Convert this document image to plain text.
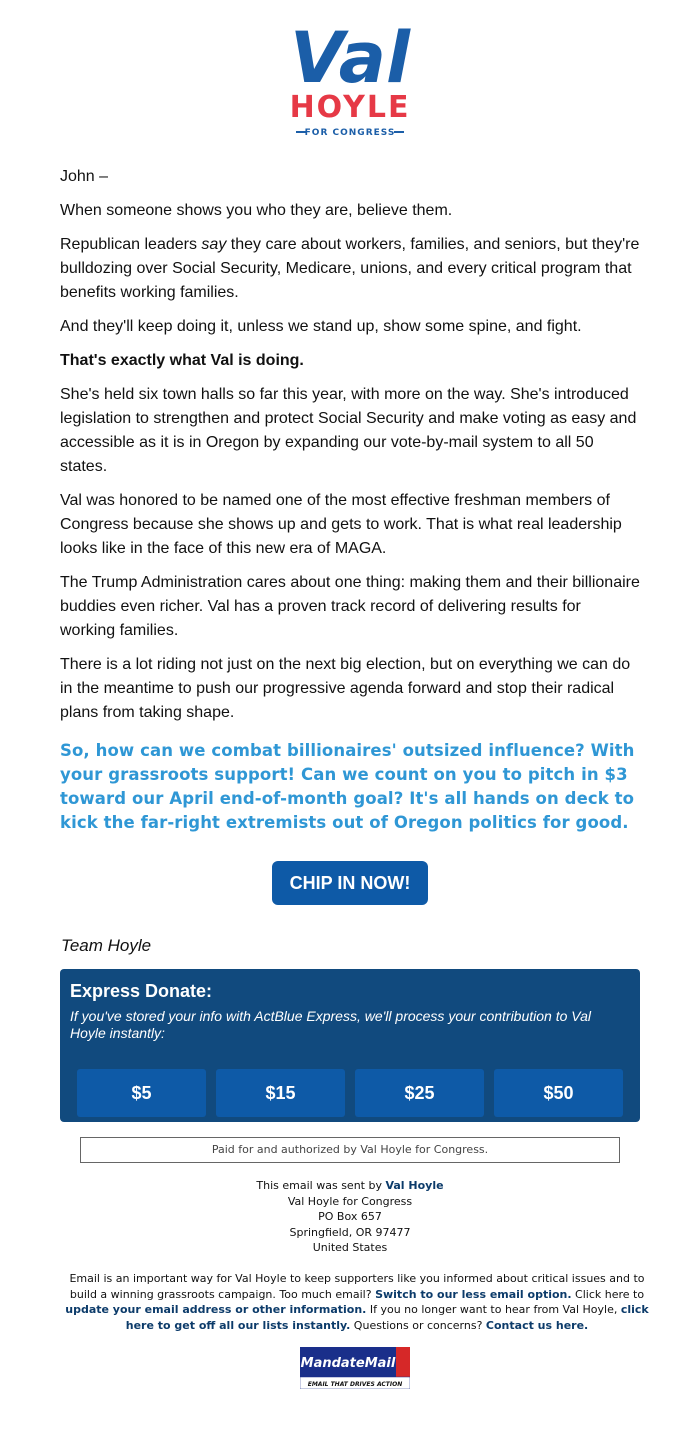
Val
HOYLE
FOR CONGRESS

John –

When someone shows you who they are, believe them.

Republican leaders say they care about workers, families, and seniors, but they're bulldozing over Social Security, Medicare, unions, and every critical program that benefits working families.

And they'll keep doing it, unless we stand up, show some spine, and fight.

That's exactly what Val is doing.

She's held six town halls so far this year, with more on the way. She's introduced legislation to strengthen and protect Social Security and make voting as easy and accessible as it is in Oregon by expanding our vote-by-mail system to all 50 states.

Val was honored to be named one of the most effective freshman members of Congress because she shows up and gets to work. That is what real leadership looks like in the face of this new era of MAGA.

The Trump Administration cares about one thing: making them and their billionaire buddies even richer. Val has a proven track record of delivering results for working families.

There is a lot riding not just on the next big election, but on everything we can do in the meantime to push our progressive agenda forward and stop their radical plans from taking shape.

So, how can we combat billionaires' outsized influence? With your grassroots support! Can we count on you to pitch in $3 toward our April end-of-month goal? It's all hands on deck to kick the far-right extremists out of Oregon politics for good.

CHIP IN NOW!
Team Hoyle
Express Donate:
If you've stored your info with ActBlue Express, we'll process your contribution to Val Hoyle instantly:
$5	$15	$25	$50
Paid for and authorized by Val Hoyle for Congress.
This email was sent by Val Hoyle
Val Hoyle for Congress
PO Box 657
Springfield, OR 97477
United States
Email is an important way for Val Hoyle to keep supporters like you informed about critical issues and to build a winning grassroots campaign. Too much email? Switch to our less email option. Click here to update your email address or other information. If you no longer want to hear from Val Hoyle, click here to get off all our lists instantly. Questions or concerns? Contact us here.
MandateMail
EMAIL THAT DRIVES ACTION
